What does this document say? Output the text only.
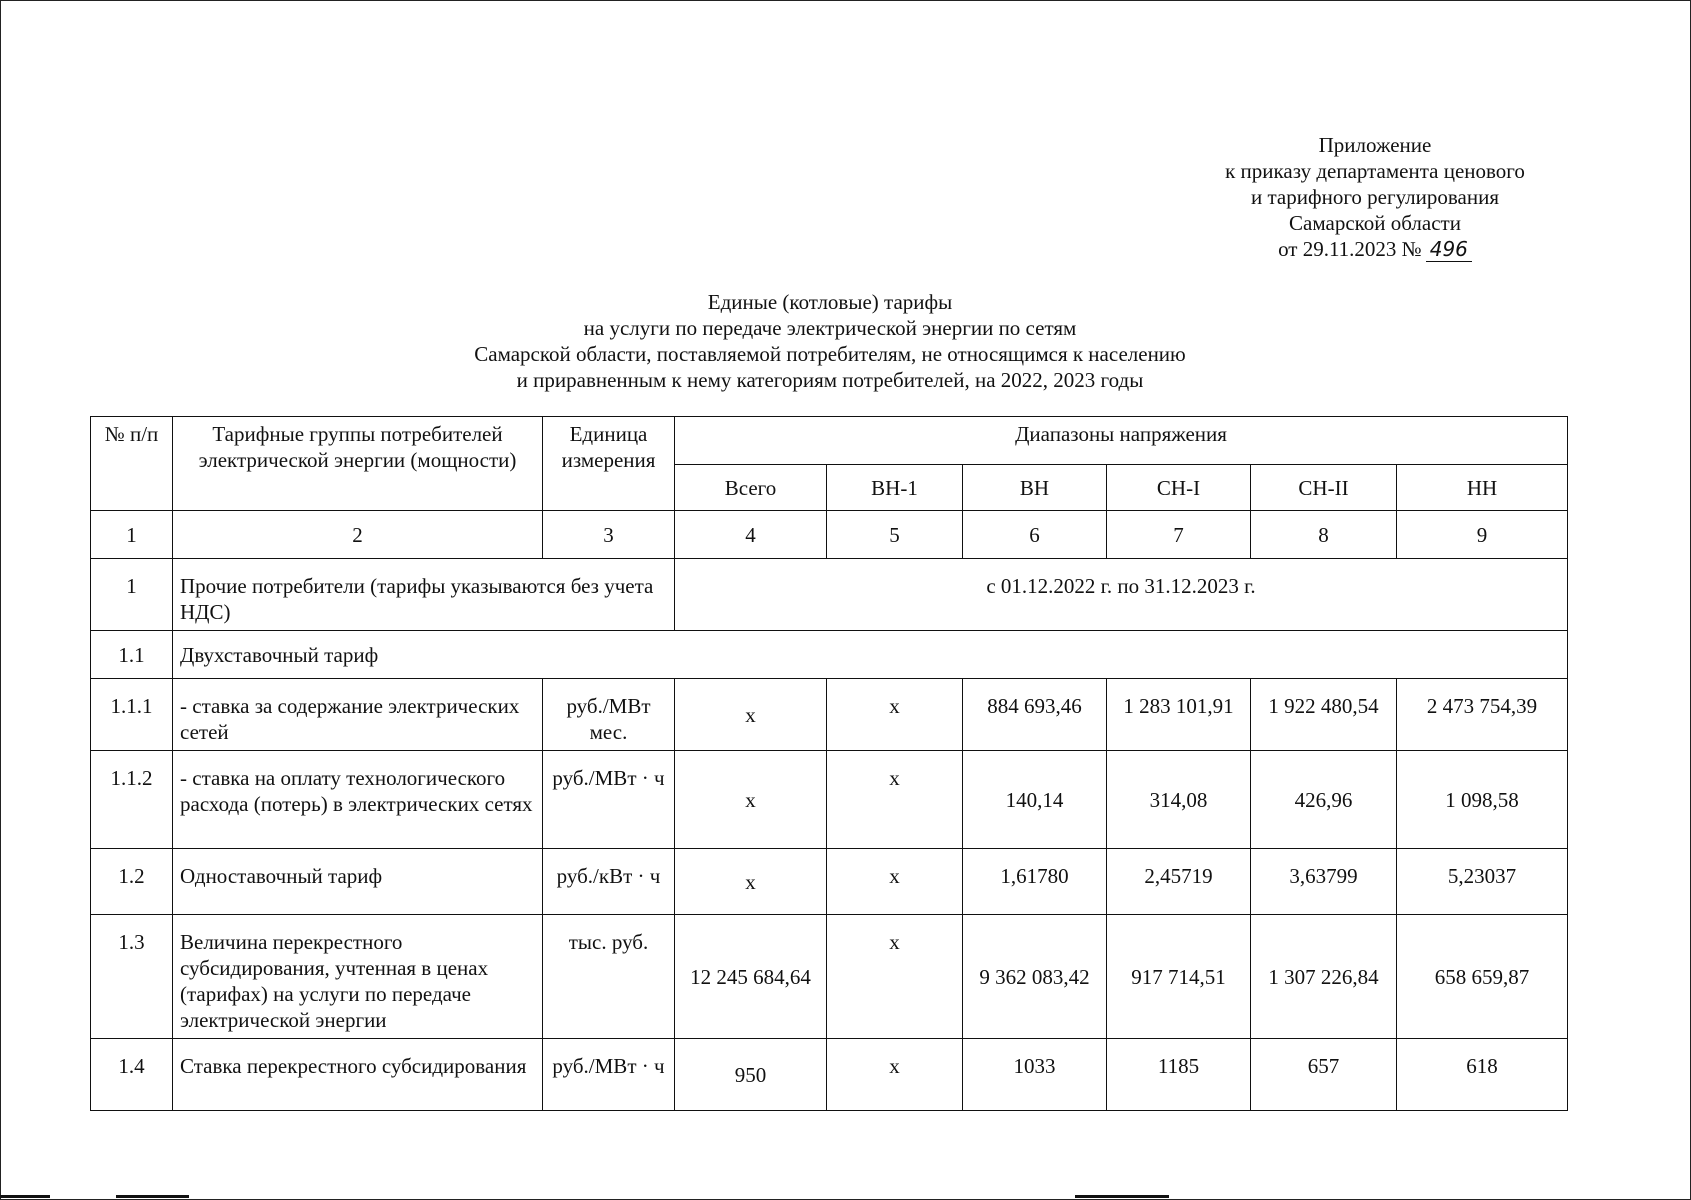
Приложение
к приказу департамента ценового
и тарифного регулирования
Самарской области
от 29.11.2023 № 496
Единые (котловые) тарифы
на услуги по передаче электрической энергии по сетям
Самарской области, поставляемой потребителям, не относящимся к населению
и приравненным к нему категориям потребителей, на 2022, 2023 годы
№ п/п	Тарифные группы потребителей электрической энергии (мощности)	Единица измерения	Диапазоны напряжения					
			Всего	ВН-1	ВН	СН-I	СН-II	НН
1	2	3	4	5	6	7	8	9
1	Прочие потребители (тарифы указываются без учета НДС)		с 01.12.2022 г. по 31.12.2023 г.					
1.1	Двухставочный тариф							
1.1.1	- ставка за содержание электрических сетей	руб./МВт мес.	х	х	884 693,46	1 283 101,91	1 922 480,54	2 473 754,39
1.1.2	- ставка на оплату технологического расхода (потерь) в электрических сетях	руб./МВт · ч	х	х	140,14	314,08	426,96	1 098,58
1.2	Одноставочный тариф	руб./кВт · ч	х	х	1,61780	2,45719	3,63799	5,23037
1.3	Величина перекрестного субсидирования, учтенная в ценах (тарифах) на услуги по передаче электрической энергии	тыс. руб.	12 245 684,64	х	9 362 083,42	917 714,51	1 307 226,84	658 659,87
1.4	Ставка перекрестного субсидирования	руб./МВт · ч	950	х	1033	1185	657	618
